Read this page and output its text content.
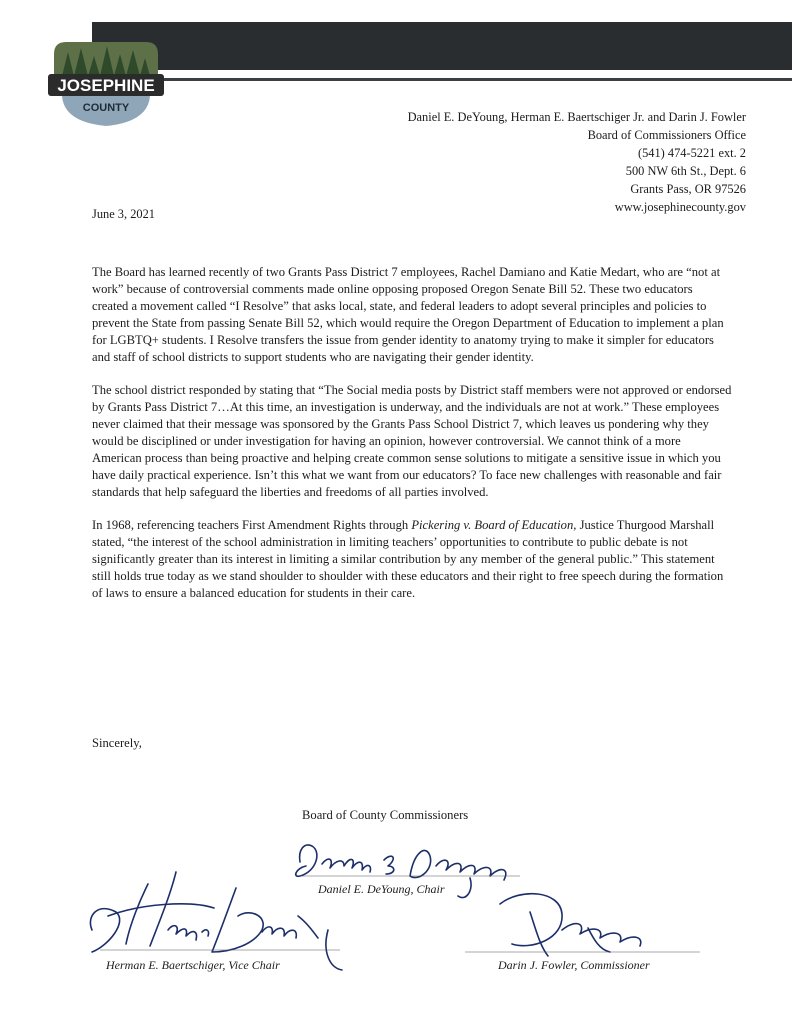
JOSEPHINE
COUNTY
Daniel E. DeYoung, Herman E. Baertschiger Jr. and Darin J. Fowler
Board of Commissioners Office
(541) 474-5221 ext. 2
500 NW 6th St., Dept. 6
Grants Pass, OR 97526
www.josephinecounty.gov
June 3, 2021

The Board has learned recently of two Grants Pass District 7 employees, Rachel Damiano and Katie Medart, who are “not at work” because of controversial comments made online opposing proposed Oregon Senate Bill 52. These two educators created a movement called “I Resolve” that asks local, state, and federal leaders to adopt several principles and policies to prevent the State from passing Senate Bill 52, which would require the Oregon Department of Education to implement a plan for LGBTQ+ students. I Resolve transfers the issue from gender identity to anatomy trying to make it simpler for educators and staff of school districts to support students who are navigating their gender identity.

The school district responded by stating that “The Social media posts by District staff members were not approved or endorsed by Grants Pass District 7…At this time, an investigation is underway, and the individuals are not at work.” These employees never claimed that their message was sponsored by the Grants Pass School District 7, which leaves us pondering why they would be disciplined or under investigation for having an opinion, however controversial. We cannot think of a more American process than being proactive and helping create common sense solutions to mitigate a sensitive issue in which you have daily practical experience. Isn’t this what we want from our educators? To face new challenges with reasonable and fair standards that help safeguard the liberties and freedoms of all parties involved.

In 1968, referencing teachers First Amendment Rights through Pickering v. Board of Education, Justice Thurgood Marshall stated, “the interest of the school administration in limiting teachers’ opportunities to contribute to public debate is not significantly greater than its interest in limiting a similar contribution by any member of the general public.” This statement still holds true today as we stand shoulder to shoulder with these educators and their right to free speech during the formation of laws to ensure a balanced education for students in their care.

Sincerely,
Board of County Commissioners
Daniel E. DeYoung, Chair
Herman E. Baertschiger, Vice Chair	Darin J. Fowler, Commissioner
